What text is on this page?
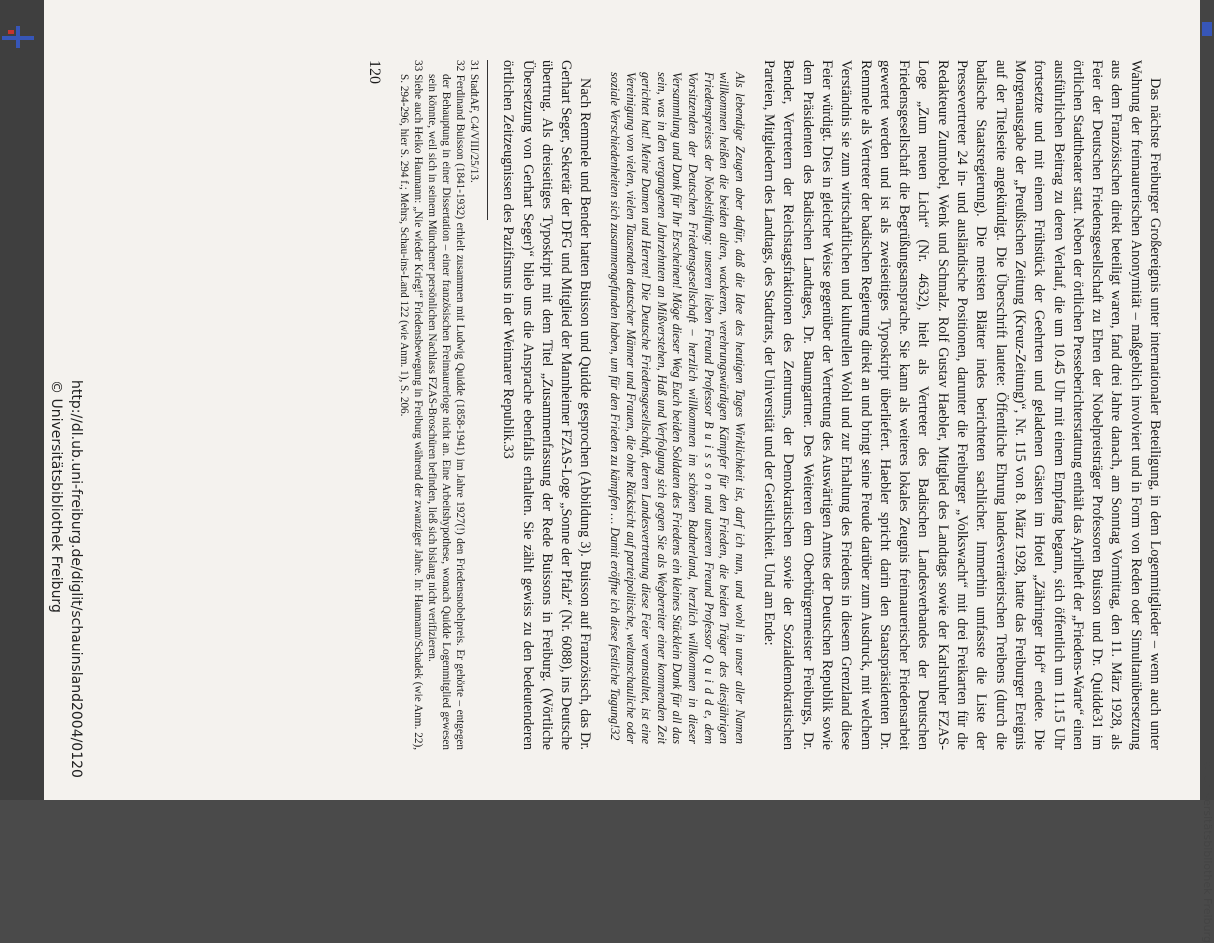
Das nächste Freiburger Großereignis unter internationaler Beteiligung, in dem Logenmitglieder – wenn auch unter Wahrung der freimaurerischen Anonymität – maßgeblich involviert und in Form von Reden oder Simultanübersetzung aus dem Französischen direkt beteiligt waren, fand drei Jahre danach, am Sonntag Vormittag, den 11. März 1928, als Feier der Deutschen Friedensgesellschaft zu Ehren der Nobelpreisträger Professoren Buisson und Dr. Quidde31 im örtlichen Stadttheater statt. Neben der örtlichen Presseberichterstattung enthält das Aprilheft der „Friedens-Warte“ einen ausführlichen Beitrag zu deren Verlauf, die um 10.45 Uhr mit einem Empfang begann, sich öffentlich um 11.15 Uhr fortsetzte und mit einem Frühstück der Geehrten und geladenen Gästen im Hotel „Zähringer Hof“ endete. Die Morgenausgabe der „Preußischen Zeitung (Kreuz-Zeitung)“, Nr. 115 von 8. März 1928, hatte das Freiburger Ereignis auf der Titelseite angekündigt. Die Überschrift lautete: Öffentliche Ehrung landesverräterischen Treibens (durch die badische Staatsregierung). Die meisten Blätter indes berichteten sachlicher. Immerhin umfasste die Liste der Pressevertreter 24 in- und ausländische Positionen, darunter die Freiburger „Volkswacht“ mit drei Freikarten für die Redakteure Zumtobel, Wenk und Schmalz. Rolf Gustav Haebler, Mitglied des Landtags sowie der Karlsruher FZAS-Loge „Zum neuen Licht“ (Nr. 4632), hielt als Vertreter des Badischen Landesverbandes der Deutschen Friedensgesellschaft die Begrüßungsansprache. Sie kann als weiteres lokales Zeugnis freimaurerischer Friedensarbeit gewertet werden und ist als zweiseitiges Typoskript überliefert. Haebler spricht darin den Staatspräsidenten Dr. Remmele als Vertreter der badischen Regierung direkt an und bringt seine Freude darüber zum Ausdruck, mit welchem Verständnis sie zum wirtschaftlichen und kulturellen Wohl und zur Erhaltung des Friedens in diesem Grenzland diese Feier würdigt. Dies in gleicher Weise gegenüber der Vertretung des Auswärtigen Amtes der Deutschen Republik sowie dem Präsidenten des Badischen Landtages, Dr. Baumgartner. Des Weiteren dem Oberbürgermeister Freiburgs, Dr. Bender, Vertretern der Reichstagsfraktionen des Zentrums, der Demokratischen sowie der Sozialdemokratischen Parteien, Mitgliedern des Landtags, des Stadtrats, der Universität und der Geistlichkeit. Und am Ende:

Als lebendige Zeugen aber dafür, daß die Idee des heutigen Tages Wirklichkeit ist, darf ich nun, und wohl in unser aller Namen willkommen heißen die beiden alten, wackeren, verehrungswürdigen Kämpfer für den Frieden, die beiden Träger des diesjährigen Friedenspreises der Nobelstiftung: unseren lieben Freund Professor B u i s s o n und unseren Freund Professor Q u i d d e, dem Vorsitzenden der Deutschen Friedensgesellschaft – herzlich willkommen im schönen Badnerland, herzlich willkommen in dieser Versammlung und Dank für Ihr Erscheinen! Möge dieser Weg Euch beiden Soldaten des Friedens ein kleines Stücklein Dank für all das sein, was in den vergangenen Jahrzehnten an Mißverstehen, Haß und Verfolgung sich gegen Sie als Wegbereiter einer kommenden Zeit gerichtet hat! Meine Damen und Herren! Die Deutsche Friedensgesellschaft, deren Landesvertretung diese Feier veranstaltet, ist eine Vereinigung von vielen, vielen Tausenden deutscher Männer und Frauen, die ohne Rücksicht auf parteipolitische, weltanschauliche oder soziale Verschiedenheiten sich zusammengefunden haben, um für den Frieden zu kämpfen … Damit eröffne ich diese festliche Tagung!32

Nach Remmele und Bender hatten Buisson und Quidde gesprochen (Abbildung 3). Buisson auf Französisch, das Dr. Gerhart Seger, Sekretär der DFG und Mitglied der Mannheimer FZAS-Loge „Sonne der Pfalz“ (Nr. 6088), ins Deutsche übertrug. Als dreiseitiges Typoskript mit dem Titel „Zusammenfassung der Rede Buissons in Freiburg. (Wörtliche Übersetzung von Gerhart Seger)“ blieb uns die Ansprache ebenfalls erhalten. Sie zählt gewiss zu den bedeutenderen örtlichen Zeitzeugnissen des Pazifismus in der Weimarer Republik.33

31 StadtAF, C4/VIII/25/13.

32 Ferdinand Buisson (1841-1932) erhielt zusammen mit Ludwig Quidde (1858-1941) im Jahre 1927(!) den Friedensnobelpreis. Er gehörte – entgegen der Behauptung in einer Dissertation – einer französischen Freimaurerloge nicht an. Eine Arbeitshypothese, wonach Quidde Logenmitglied gewesen sein könnte, weil sich in seinem Münchener persönlichen Nachlass FZAS-Broschüren befinden, ließ sich bislang nicht verifizieren.

33 Siehe auch Heiko Haumann: „Nie wieder Krieg!“ Friedensbewegung in Freiburg während der zwanziger Jahre. In: Haumann/Schadek (wie Anm. 22), S. 294-296, hier S. 294 f.; Mehrs, Schau-ins-Land 122 (wie Anm. 1), S. 206.

120

http://dl.ub.uni-freiburg.de/diglit/schauinsland2004/0120
© Universitätsbibliothek Freiburg
© Universitätsbibliothek Freiburg
